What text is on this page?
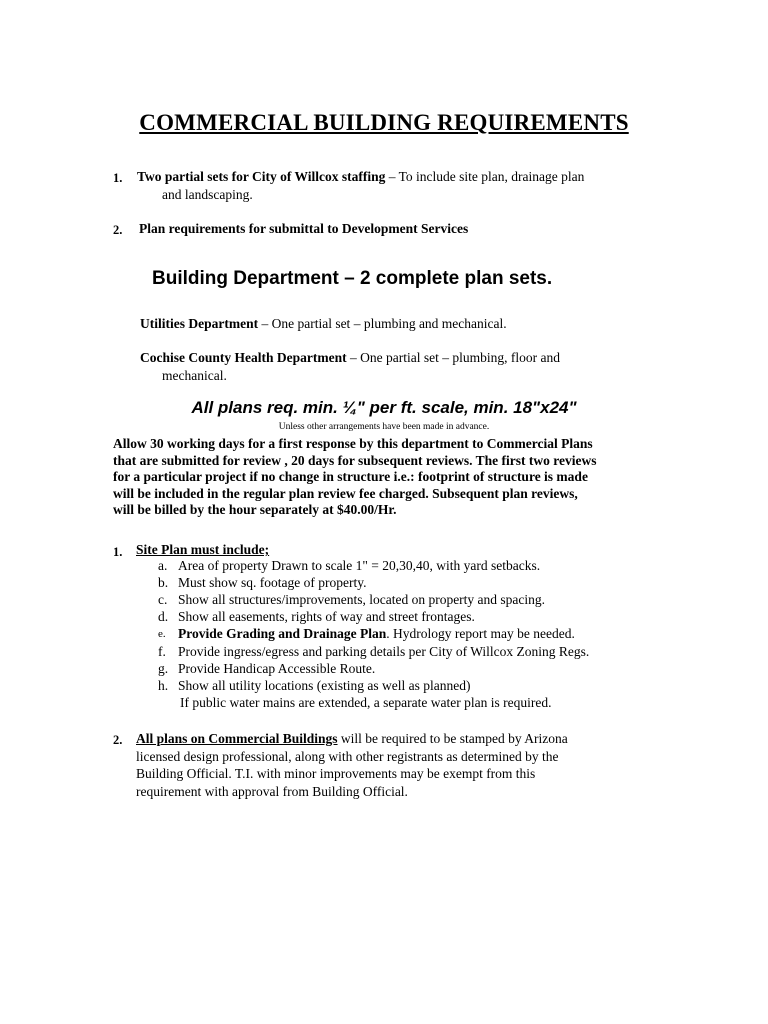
COMMERCIAL BUILDING REQUIREMENTS
1. Two partial sets for City of Willcox staffing – To include site plan, drainage plan
and landscaping.
2. Plan requirements for submittal to Development Services
Building Department – 2 complete plan sets.
Utilities Department – One partial set – plumbing and mechanical.
Cochise County Health Department – One partial set – plumbing, floor and
mechanical.
All plans req. min. ¼" per ft. scale, min. 18"x24"
Unless other arrangements have been made in advance.
Allow 30 working days for a first response by this department to Commercial Plans
that are submitted for review , 20 days for subsequent reviews. The first two reviews
for a particular project if no change in structure i.e.: footprint of structure is made
will be included in the regular plan review fee charged. Subsequent plan reviews,
will be billed by the hour separately at $40.00/Hr.
1. Site Plan must include;
a. Area of property Drawn to scale 1" = 20,30,40, with yard setbacks.
b. Must show sq. footage of property.
c. Show all structures/improvements, located on property and spacing.
d. Show all easements, rights of way and street frontages.
e. Provide Grading and Drainage Plan. Hydrology report may be needed.
f. Provide ingress/egress and parking details per City of Willcox Zoning Regs.
g. Provide Handicap Accessible Route.
h. Show all utility locations (existing as well as planned)
If public water mains are extended, a separate water plan is required.
2. All plans on Commercial Buildings will be required to be stamped by Arizona
licensed design professional, along with other registrants as determined by the
Building Official. T.I. with minor improvements may be exempt from this
requirement with approval from Building Official.
